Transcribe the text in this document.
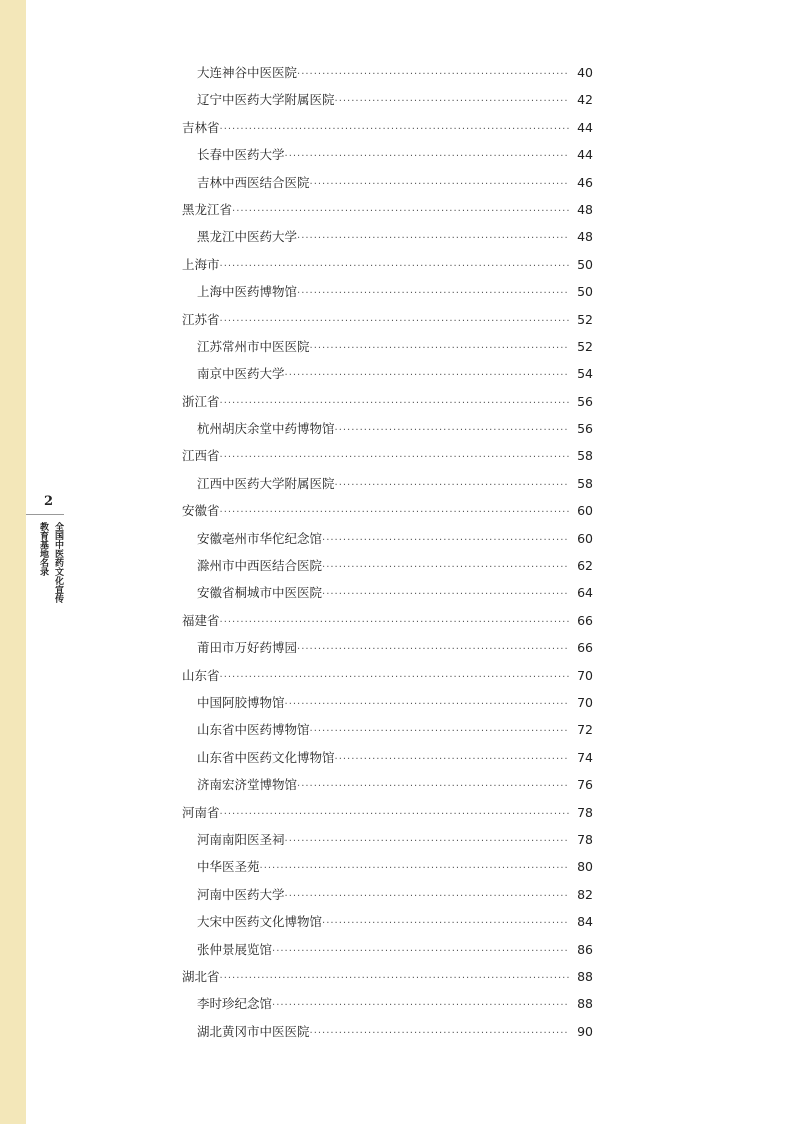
2
全国中医药文化宣传
教育基地名录
大连神谷中医医院 ·····	40
辽宁中医药大学附属医院 ·····	42
吉林省 ·····	44
长春中医药大学 ·····	44
吉林中西医结合医院 ·····	46
黑龙江省 ·····	48
黑龙江中医药大学 ·····	48
上海市 ·····	50
上海中医药博物馆 ·····	50
江苏省 ·····	52
江苏常州市中医医院 ·····	52
南京中医药大学 ·····	54
浙江省 ·····	56
杭州胡庆余堂中药博物馆 ·····	56
江西省 ·····	58
江西中医药大学附属医院 ·····	58
安徽省 ·····	60
安徽亳州市华佗纪念馆 ·····	60
滁州市中西医结合医院 ·····	62
安徽省桐城市中医医院 ·····	64
福建省 ·····	66
莆田市万好药博园 ·····	66
山东省 ·····	70
中国阿胶博物馆 ·····	70
山东省中医药博物馆 ·····	72
山东省中医药文化博物馆 ·····	74
济南宏济堂博物馆 ·····	76
河南省 ·····	78
河南南阳医圣祠 ·····	78
中华医圣苑 ·····	80
河南中医药大学 ·····	82
大宋中医药文化博物馆 ·····	84
张仲景展览馆 ·····	86
湖北省 ·····	88
李时珍纪念馆 ·····	88
湖北黄冈市中医医院 ·····	90
